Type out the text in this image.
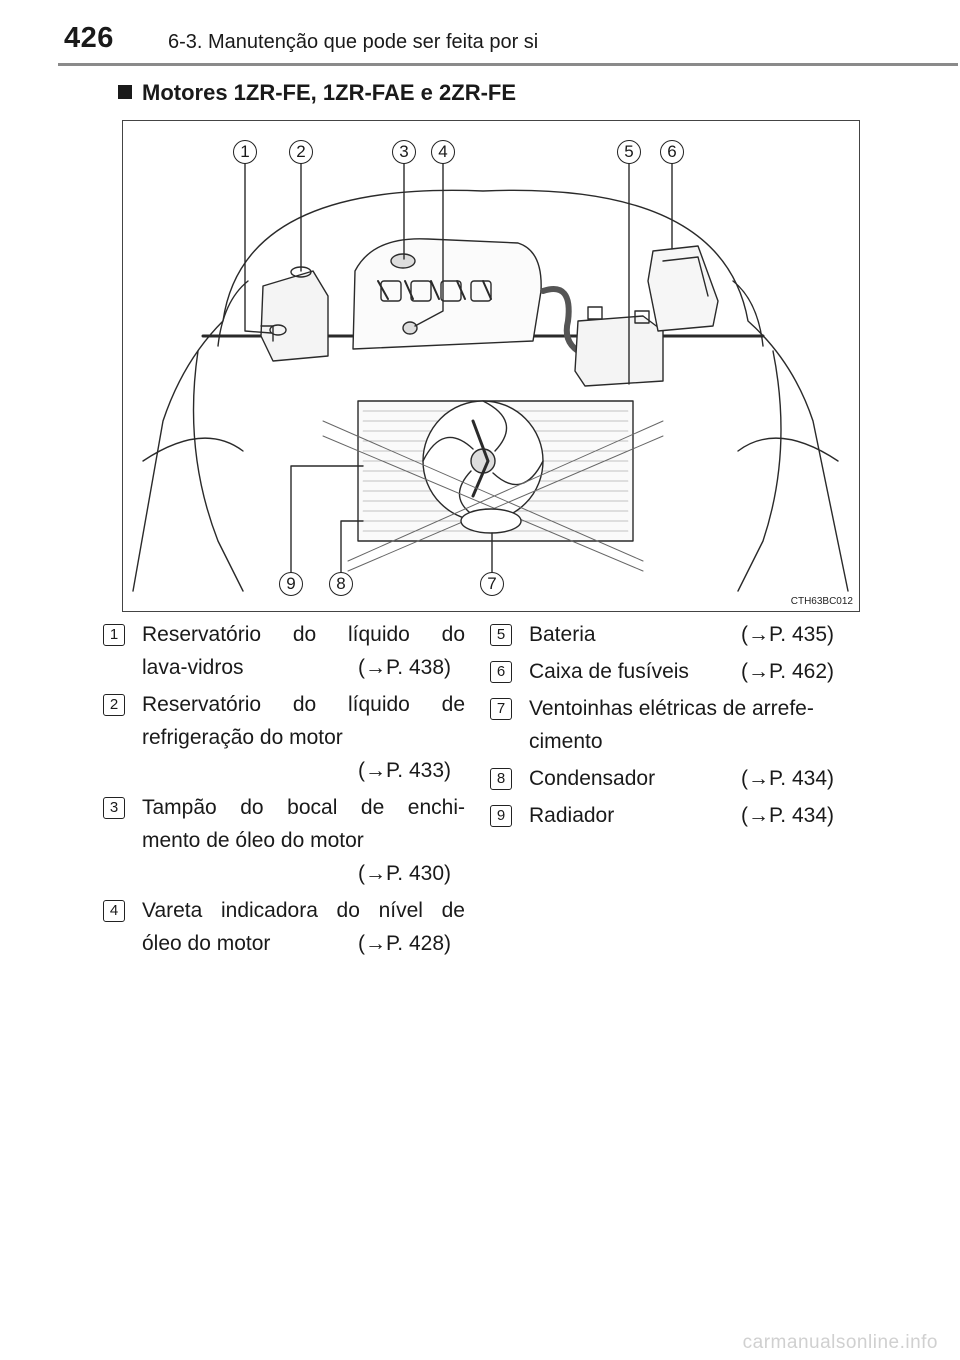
426	6-3. Manutenção que pode ser feita por si
Motores 1ZR-FE, 1ZR-FAE e 2ZR-FE
1	2	3	4	5	6
9	8	7
CTH63BC012
1	Reservatório do líquido do
lava-vidros	(→P. 438)
2	Reservatório do líquido de
refrigeração do motor
(→P. 433)
3	Tampão do bocal de enchi-
mento de óleo do motor
(→P. 430)
4	Vareta indicadora do nível de
óleo do motor	(→P. 428)
5	Bateria	(→P. 435)
6	Caixa de fusíveis	(→P. 462)
7	Ventoinhas elétricas de arrefe-
cimento
8	Condensador	(→P. 434)
9	Radiador	(→P. 434)
carmanualsonline.info
